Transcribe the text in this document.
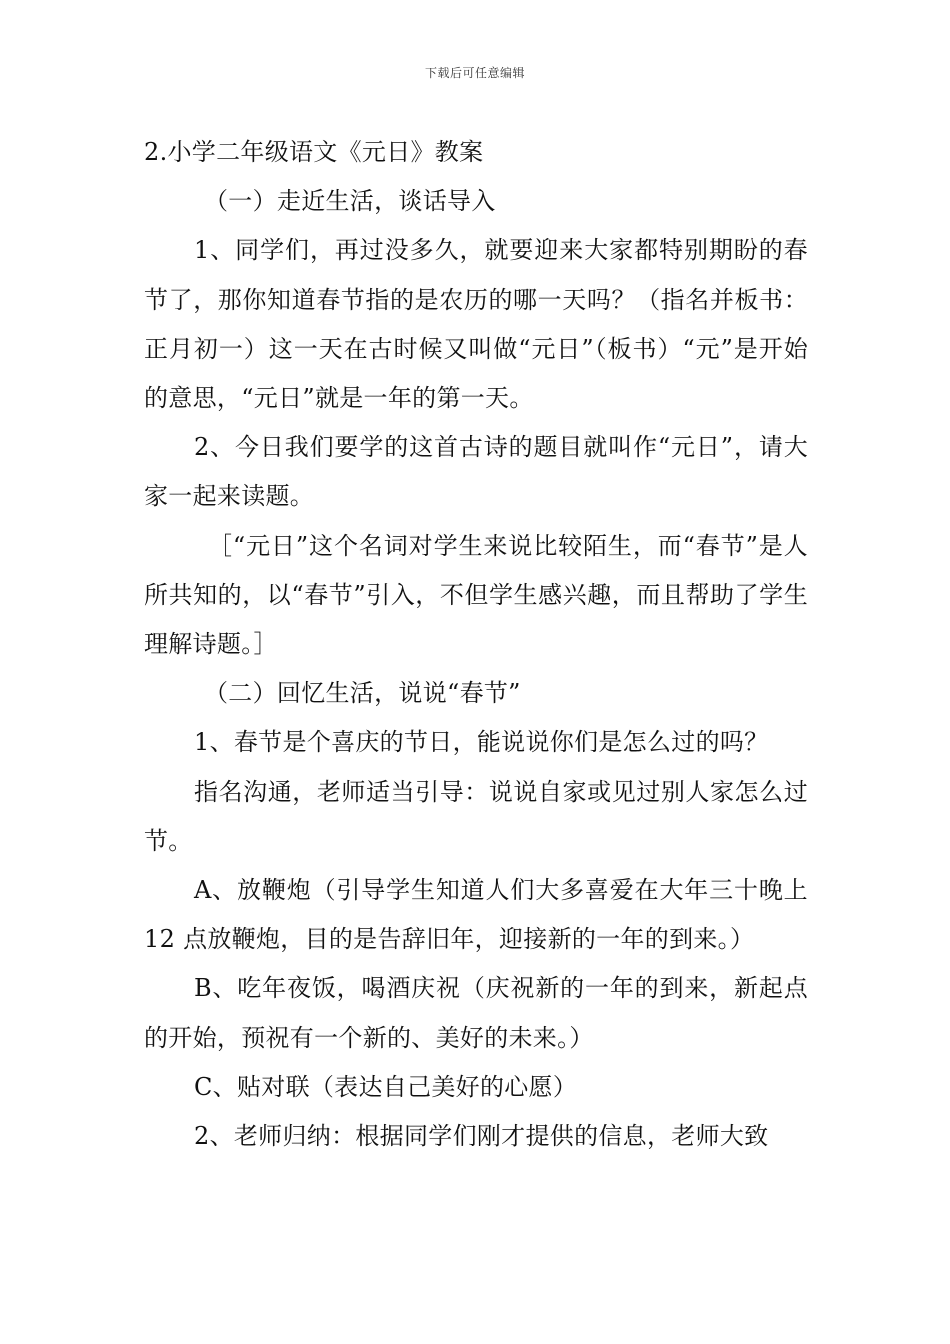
下载后可任意编辑

2.小学二年级语文《元日》教案

（一）走近生活，谈话导入

1、同学们，再过没多久，就要迎来大家都特别期盼的春节了，那你知道春节指的是农历的哪一天吗？（指名并板书：正月初一）这一天在古时候又叫做“元日”（板书）“元”是开始的意思，“元日”就是一年的第一天。

2、今日我们要学的这首古诗的题目就叫作“元日”，请大家一起来读题。

［“元日”这个名词对学生来说比较陌生，而“春节”是人所共知的，以“春节”引入，不但学生感兴趣，而且帮助了学生理解诗题。］

（二）回忆生活，说说“春节”

1、春节是个喜庆的节日，能说说你们是怎么过的吗？

指名沟通，老师适当引导：说说自家或见过别人家怎么过节。

A、放鞭炮（引导学生知道人们大多喜爱在大年三十晚上 12 点放鞭炮，目的是告辞旧年，迎接新的一年的到来。）

B、吃年夜饭，喝酒庆祝（庆祝新的一年的到来，新起点的开始，预祝有一个新的、美好的未来。）

C、贴对联（表达自己美好的心愿）

2、老师归纳：根据同学们刚才提供的信息，老师大致
